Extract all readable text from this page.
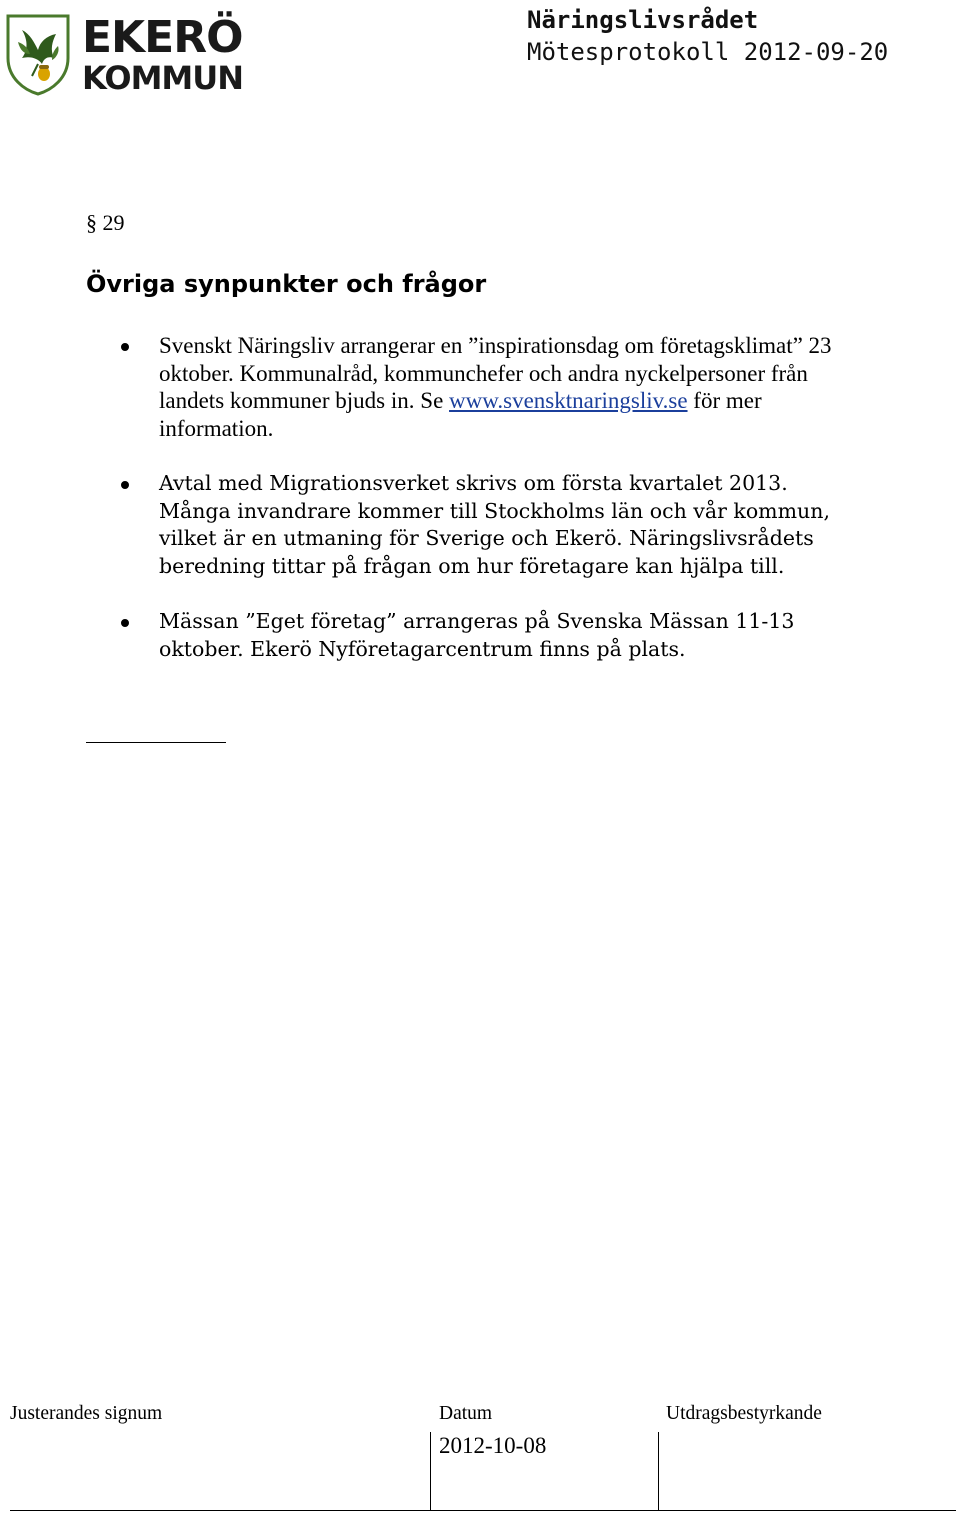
EKERÖ
KOMMUN
Näringslivsrådet
Mötesprotokoll 2012-09-20
§ 29
Övriga synpunkter och frågor
Svenskt Näringsliv arrangerar en ”inspirationsdag om företagsklimat” 23 oktober. Kommunalråd, kommunchefer och andra nyckelpersoner från landets kommuner bjuds in. Se www.svensktnaringsliv.se för mer information.
Avtal med Migrationsverket skrivs om första kvartalet 2013. Många invandrare kommer till Stockholms län och vår kommun, vilket är en utmaning för Sverige och Ekerö. Näringslivsrådets beredning tittar på frågan om hur företagare kan hjälpa till.
Mässan ”Eget företag” arrangeras på Svenska Mässan 11-13 oktober. Ekerö Nyföretagarcentrum finns på plats.
Justerandes signum	Datum	Utdragsbestyrkande
2012-10-08
